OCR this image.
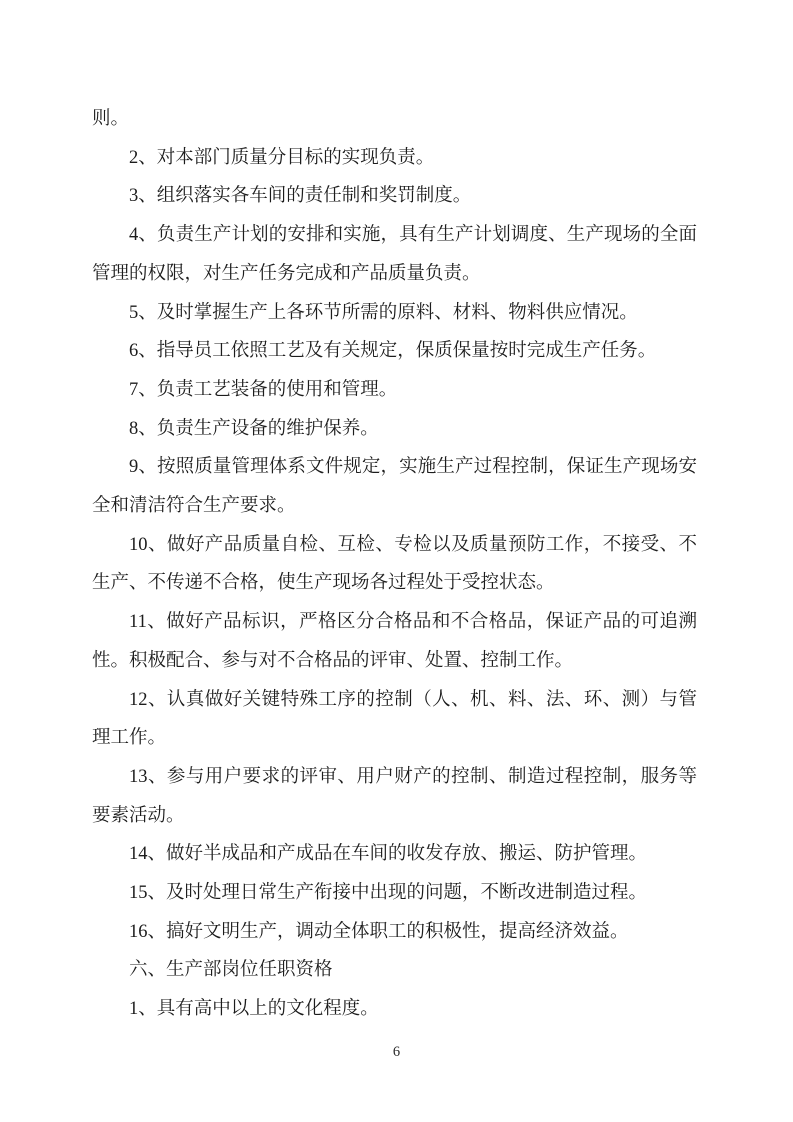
则。

2、对本部门质量分目标的实现负责。

3、组织落实各车间的责任制和奖罚制度。

4、负责生产计划的安排和实施，具有生产计划调度、生产现场的全面管理的权限，对生产任务完成和产品质量负责。

5、及时掌握生产上各环节所需的原料、材料、物料供应情况。

6、指导员工依照工艺及有关规定，保质保量按时完成生产任务。

7、负责工艺装备的使用和管理。

8、负责生产设备的维护保养。

9、按照质量管理体系文件规定，实施生产过程控制，保证生产现场安全和清洁符合生产要求。

10、做好产品质量自检、互检、专检以及质量预防工作，不接受、不生产、不传递不合格，使生产现场各过程处于受控状态。

11、做好产品标识，严格区分合格品和不合格品，保证产品的可追溯性。积极配合、参与对不合格品的评审、处置、控制工作。

12、认真做好关键特殊工序的控制（人、机、料、法、环、测）与管理工作。

13、参与用户要求的评审、用户财产的控制、制造过程控制，服务等要素活动。

14、做好半成品和产成品在车间的收发存放、搬运、防护管理。

15、及时处理日常生产衔接中出现的问题，不断改进制造过程。

16、搞好文明生产，调动全体职工的积极性，提高经济效益。

六、生产部岗位任职资格

1、具有高中以上的文化程度。

6
